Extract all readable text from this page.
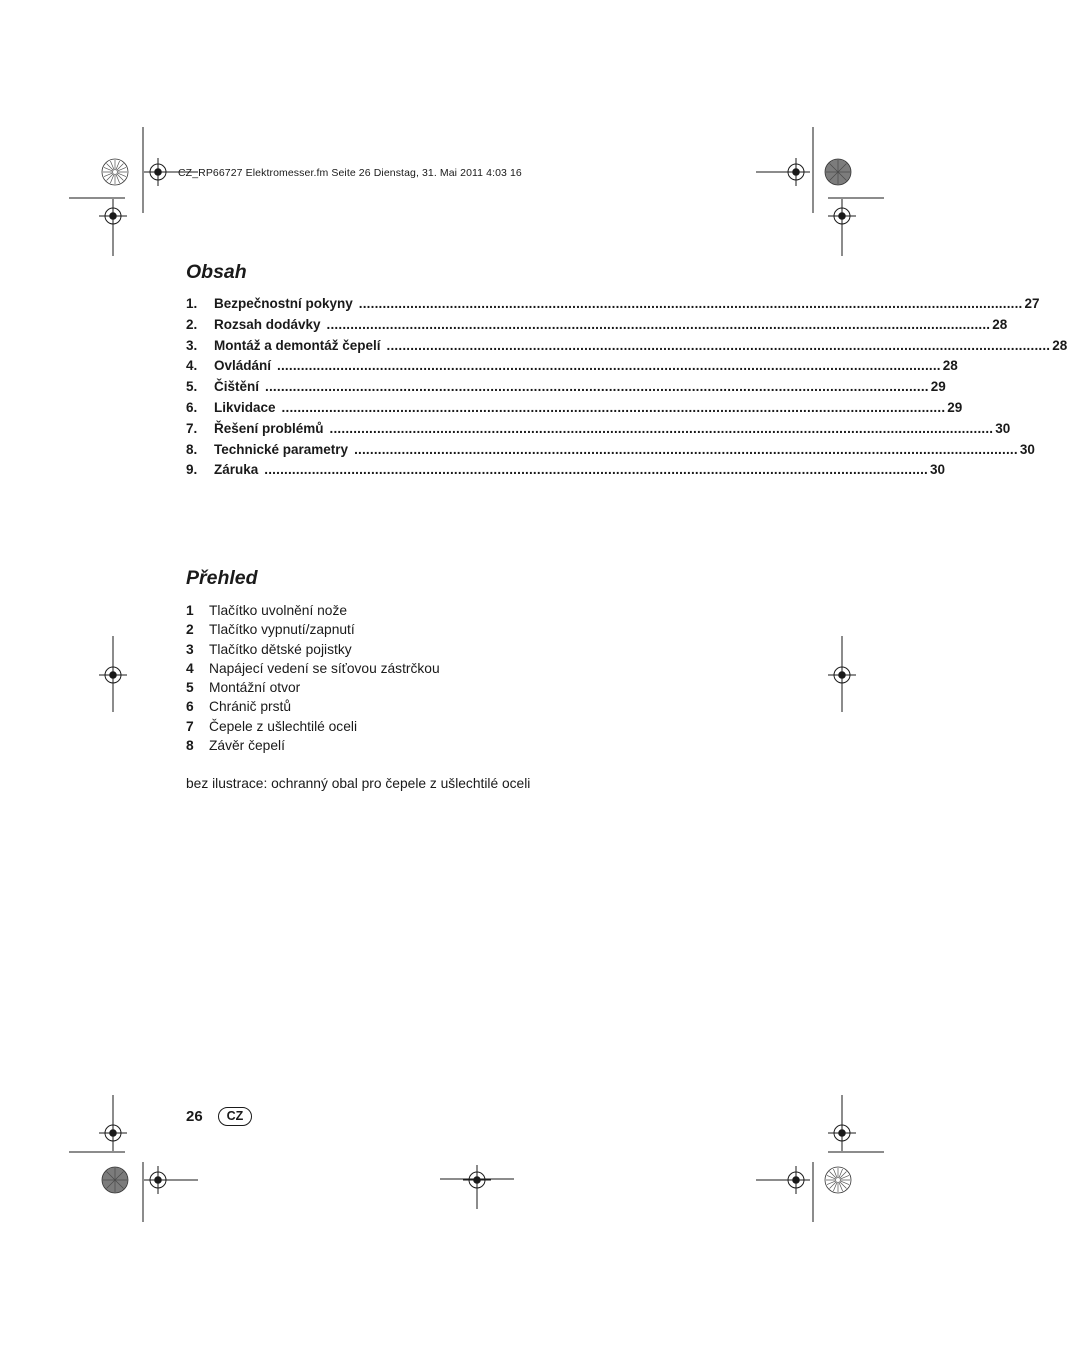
CZ_RP66727 Elektromesser.fm Seite 26 Dienstag, 31. Mai 2011 4:03 16
Obsah
1.	Bezpečnostní pokyny ........................................................................................................................................................................ 27
2.	Rozsah dodávky ........................................................................................................................................................................ 28
3.	Montáž a demontáž čepelí ........................................................................................................................................................................ 28
4.	Ovládání ........................................................................................................................................................................ 28
5.	Čištění ........................................................................................................................................................................ 29
6.	Likvidace ........................................................................................................................................................................ 29
7.	Řešení problémů ........................................................................................................................................................................ 30
8.	Technické parametry ........................................................................................................................................................................ 30
9.	Záruka ........................................................................................................................................................................ 30
Přehled
1	Tlačítko uvolnění nože
2	Tlačítko vypnutí/zapnutí
3	Tlačítko dětské pojistky
4	Napájecí vedení se síťovou zástrčkou
5	Montážní otvor
6	Chránič prstů
7	Čepele z ušlechtilé oceli
8	Závěr čepelí
bez ilustrace: ochranný obal pro čepele z ušlechtilé oceli
26	CZ
